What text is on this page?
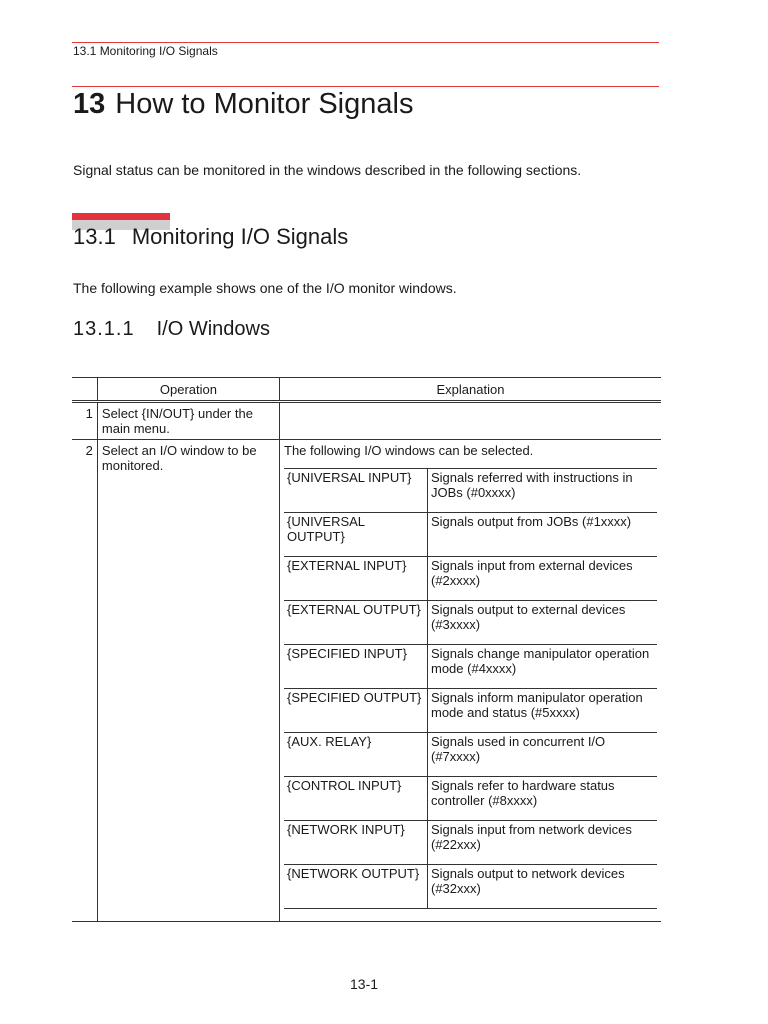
13.1 Monitoring I/O Signals
13 How to Monitor Signals
Signal status can be monitored in the windows described in the following sections.
13.1 Monitoring I/O Signals
The following example shows one of the I/O monitor windows.
13.1.1 I/O Windows
	Operation	Explanation
1	Select {IN/OUT} under the main menu.	
2	Select an I/O window to be monitored.	
The following I/O windows can be selected.
{UNIVERSAL INPUT}	Signals referred with instructions in JOBs (#0xxxx)
{UNIVERSAL OUTPUT}	Signals output from JOBs (#1xxxx)
{EXTERNAL INPUT}	Signals input from external devices (#2xxxx)
{EXTERNAL OUTPUT}	Signals output to external devices (#3xxxx)
{SPECIFIED INPUT}	Signals change manipulator operation mode (#4xxxx)
{SPECIFIED OUTPUT}	Signals inform manipulator operation mode and status (#5xxxx)
{AUX. RELAY}	Signals used in concurrent I/O (#7xxxx)
{CONTROL INPUT}	Signals refer to hardware status controller (#8xxxx)
{NETWORK INPUT}	Signals input from network devices (#22xxx)
{NETWORK OUTPUT}	Signals output to network devices (#32xxx)
13-1
